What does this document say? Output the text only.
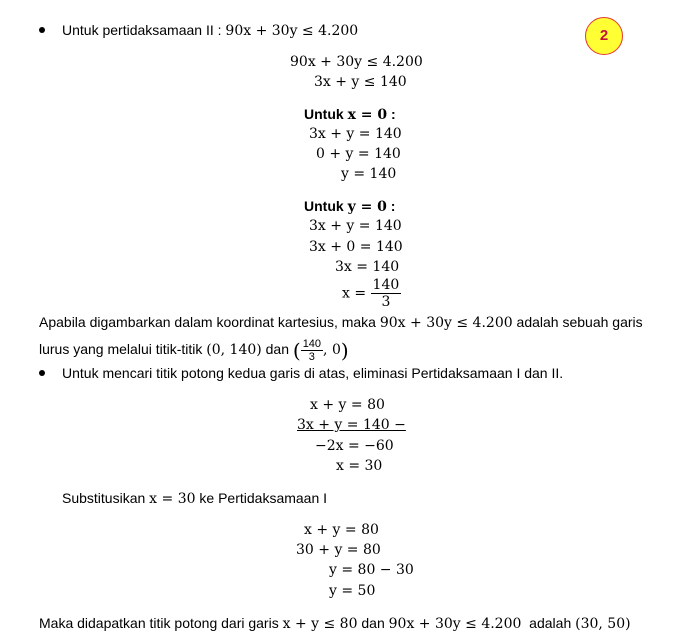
2
Untuk pertidaksamaan II : 90x + 30y ≤ 4.200
90x + 30y ≤ 4.200
3x + y ≤ 140
Untuk x = 0 :
3x + y = 140
0 + y = 140
y = 140
Untuk y = 0 :
3x + y = 140
3x + 0 = 140
3x = 140
$x = \frac{140}{3}$
Apabila digambarkan dalam koordinat kartesius, maka 90x + 30y ≤ 4.200 adalah sebuah garis
lurus yang melalui titik-titik (0, 140) dan ( $\frac{140}{3}$ , 0)
Untuk mencari titik potong kedua garis di atas, eliminasi Pertidaksamaan I dan II.
x + y = 80
3x + y = 140 −
−2x = −60
x = 30
Substitusikan x = 30 ke Pertidaksamaan I
x + y = 80
30 + y = 80
y = 80 − 30
y = 50
Maka didapatkan titik potong dari garis x + y ≤ 80 dan 90x + 30y ≤ 4.200  adalah (30, 50)
